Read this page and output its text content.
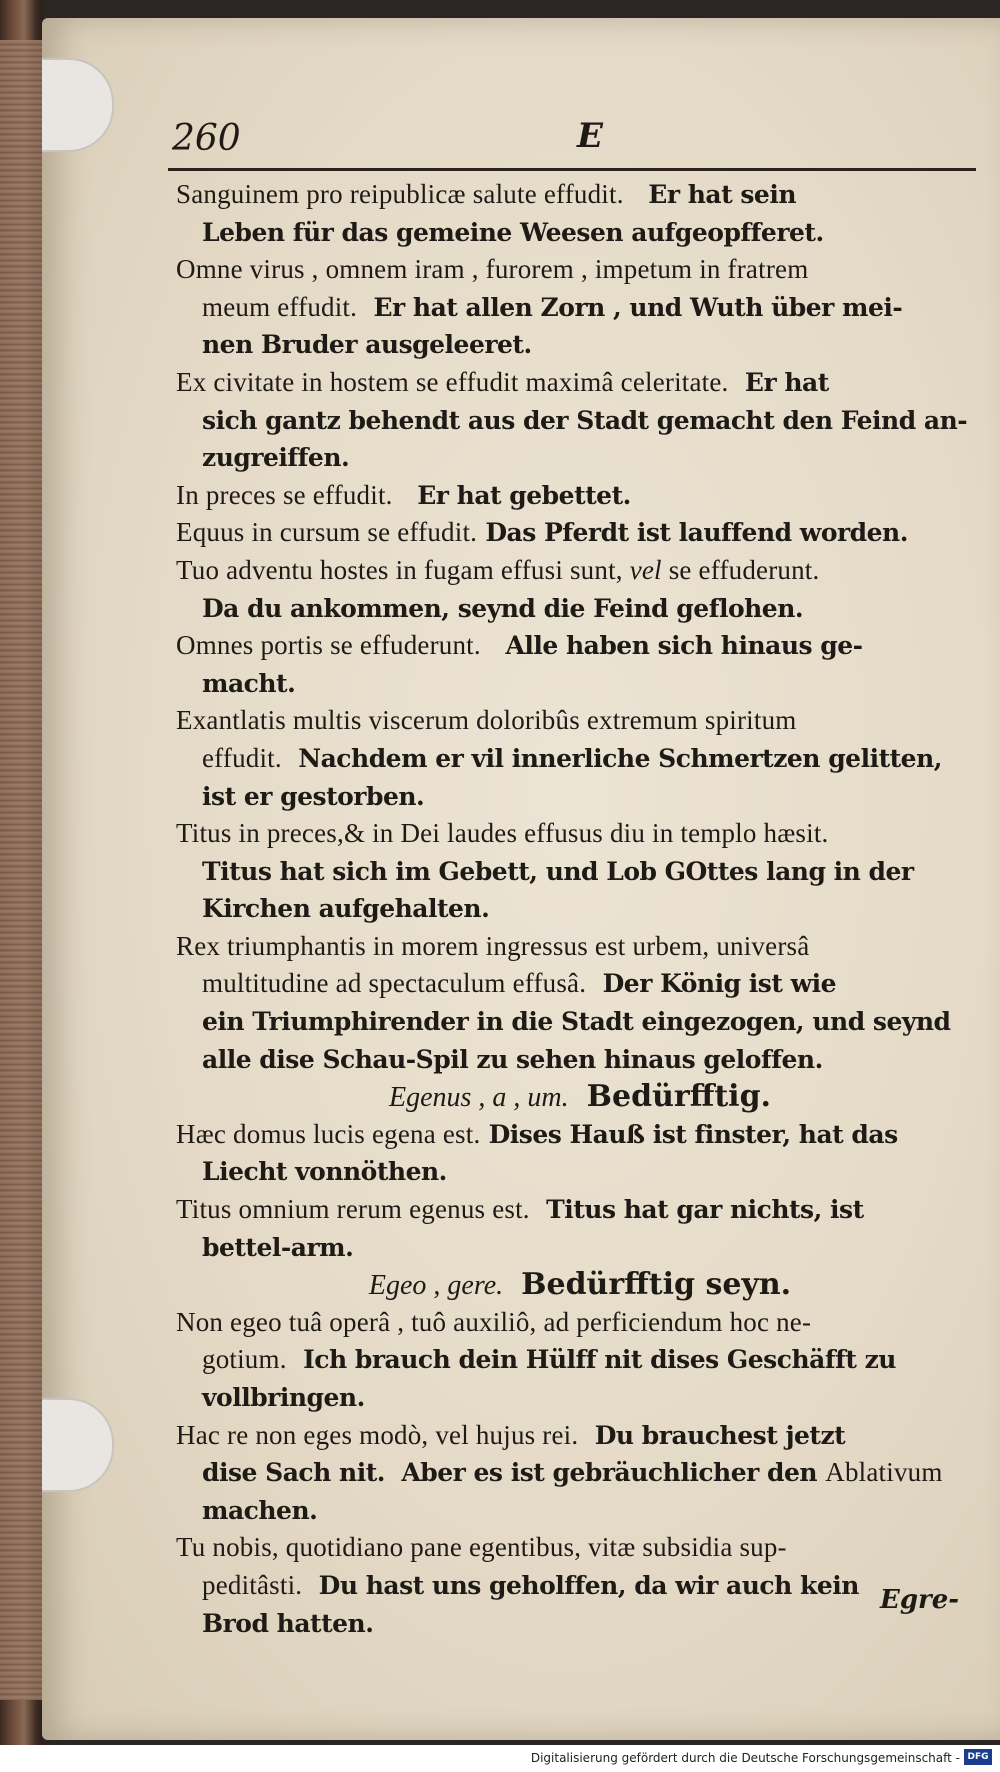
260	E
Sanguinem pro reipublicæ salute effudit.   Er hat sein
Leben für das gemeine Weesen aufgeopfferet.
Omne virus , omnem iram , furorem , impetum in fratrem
meum effudit.  Er hat allen Zorn , und Wuth über mei-
nen Bruder ausgeleeret.
Ex civitate in hostem se effudit maximâ celeritate.  Er hat
sich gantz behendt aus der Stadt gemacht den Feind an-
zugreiffen.
In preces se effudit.   Er hat gebettet.
Equus in cursum se effudit. Das Pferdt ist lauffend worden.
Tuo adventu hostes in fugam effusi sunt, vel se effuderunt.
Da du ankommen, seynd die Feind geflohen.
Omnes portis se effuderunt.   Alle haben sich hinaus ge-
macht.
Exantlatis multis viscerum doloribûs extremum spiritum
effudit.  Nachdem er vil innerliche Schmertzen gelitten,
ist er gestorben.
Titus in preces,& in Dei laudes effusus diu in templo hæsit.
Titus hat sich im Gebett, und Lob GOttes lang in der
Kirchen aufgehalten.
Rex triumphantis in morem ingressus est urbem, universâ
multitudine ad spectaculum effusâ.  Der König ist wie
ein Triumphirender in die Stadt eingezogen, und seynd
alle dise Schau-Spil zu sehen hinaus geloffen.
Egenus , a , um. Bedürfftig.
Hæc domus lucis egena est. Dises Hauß ist finster, hat das
Liecht vonnöthen.
Titus omnium rerum egenus est.  Titus hat gar nichts, ist
bettel-arm.
Egeo , gere. Bedürfftig seyn.
Non egeo tuâ operâ , tuô auxiliô, ad perficiendum hoc ne-
gotium.  Ich brauch dein Hülff nit dises Geschäfft zu
vollbringen.
Hac re non eges modò, vel hujus rei.  Du brauchest jetzt
dise Sach nit.  Aber es ist gebräuchlicher den Ablativum
machen.
Tu nobis, quotidiano pane egentibus, vitæ subsidia sup-
peditâsti.  Du hast uns geholffen, da wir auch kein
Brod hatten.
Egre-
Digitalisierung gefördert durch die Deutsche Forschungsgemeinschaft - DFG
